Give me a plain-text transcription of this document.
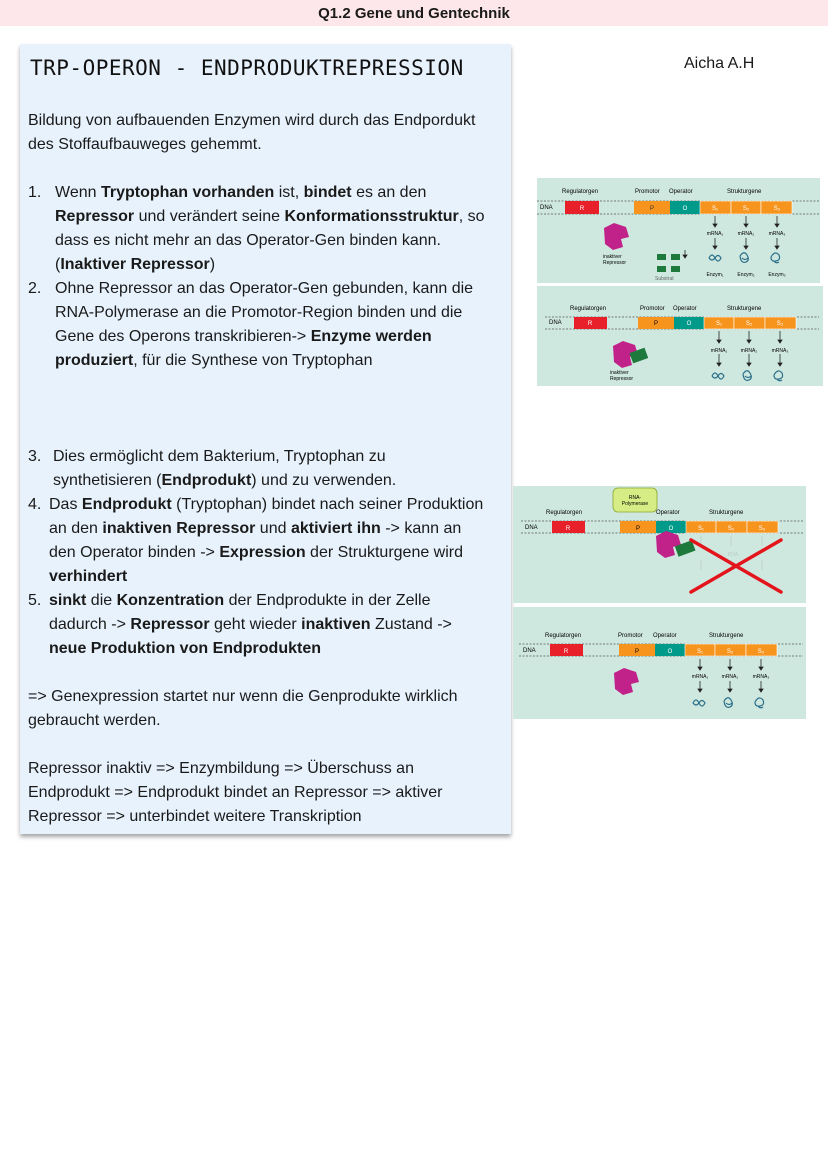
Q1.2 Gene und Gentechnik
TRP-OPERON - ENDPRODUKTREPRESSION	Aicha A.H
Bildung von aufbauenden Enzymen wird durch das Endpordukt
des Stoffaufbauweges gehemmt.
1. Wenn Tryptophan vorhanden ist, bindet es an den
Repressor und verändert seine Konformationsstruktur, so
dass es nicht mehr an das Operator-Gen binden kann.
(Inaktiver Repressor)
2. Ohne Repressor an das Operator-Gen gebunden, kann die
RNA-Polymerase an die Promotor-Region binden und die
Gene des Operons transkribieren-> Enzyme werden
produziert, für die Synthese von Tryptophan
3. Dies ermöglicht dem Bakterium, Tryptophan zu
synthetisieren (Endprodukt) und zu verwenden.
4. Das Endprodukt (Tryptophan) bindet nach seiner Produktion
an den inaktiven Repressor und aktiviert ihn -> kann an
den Operator binden -> Expression der Strukturgene wird
verhindert
5. sinkt die Konzentration der Endprodukte in der Zelle
dadurch -> Repressor geht wieder inaktiven Zustand ->
neue Produktion von Endprodukten
=> Genexpression startet nur wenn die Genprodukte wirklich
gebraucht werden.
Repressor inaktiv => Enzymbildung => Überschuss an
Endprodukt => Endprodukt bindet an Repressor => aktiver
Repressor => unterbindet weitere Transkription
Regulatorgen	Promotor Operator	Strukturgene
DNA	R	P	O	S₁	S₂	S₃
mRNA₁	mRNA₂	mRNA₃
Enzym₁	Enzym₂	Enzym₃
inaktiver
Repressor
Substrat
Regulatorgen	Promotor Operator	Strukturgene
DNA	R	P	O	S₁	S₂	S₃
mRNA₁	mRNA₂	mRNA₃
inaktiver
Repressor
RNA-
Polymerase
Regulatorgen	Operator	Strukturgene
DNA	R	P	O	S₁	S₂	S₃
RNA
Regulatorgen	Promotor Operator	Strukturgene
DNA	R	P	O	S₁	S₂	S₃
mRNA₁	mRNA₂	mRNA₃
